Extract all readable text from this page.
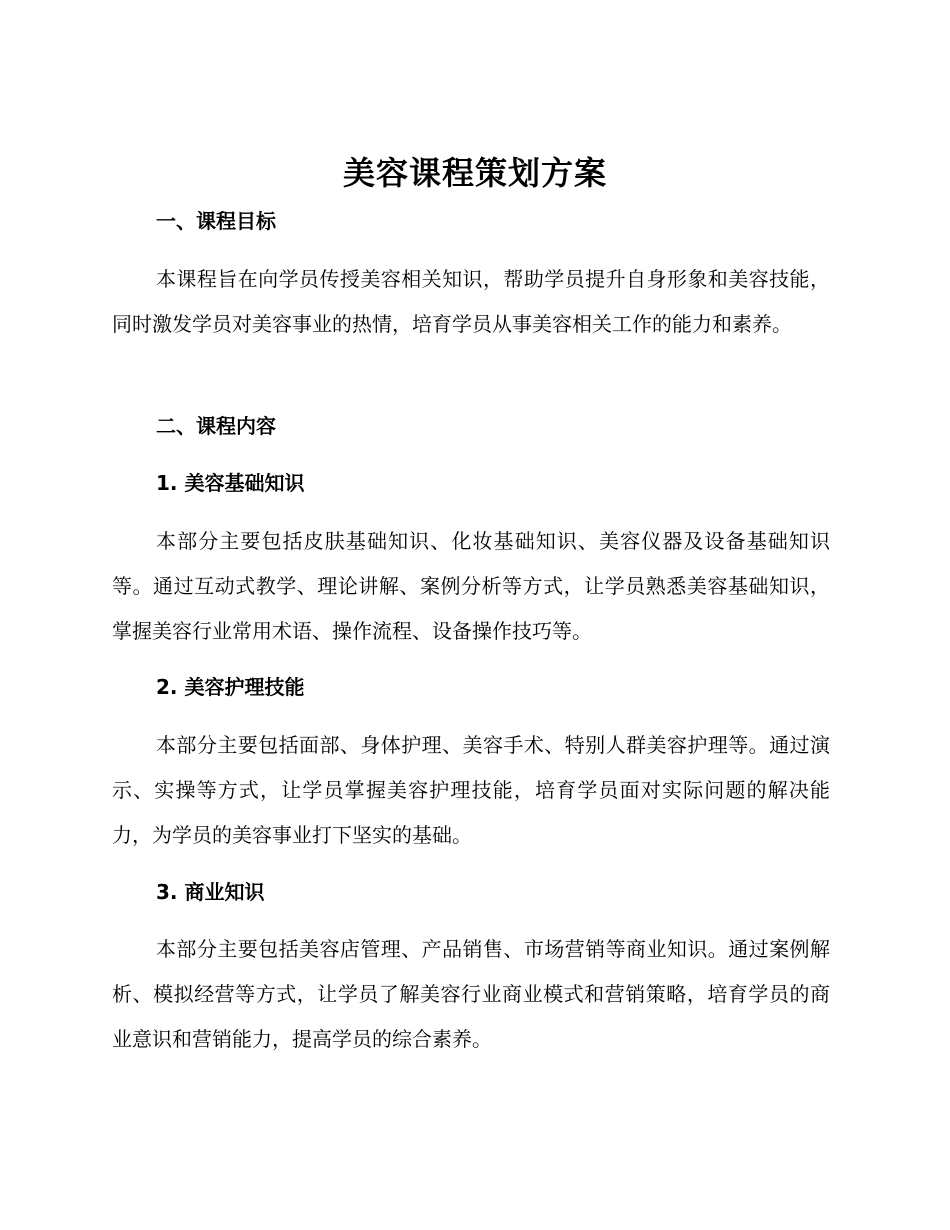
美容课程策划方案
一、课程目标
本课程旨在向学员传授美容相关知识，帮助学员提升自身形象和美容技能，同时激发学员对美容事业的热情，培育学员从事美容相关工作的能力和素养。
二、课程内容
1. 美容基础知识
本部分主要包括皮肤基础知识、化妆基础知识、美容仪器及设备基础知识等。通过互动式教学、理论讲解、案例分析等方式，让学员熟悉美容基础知识，掌握美容行业常用术语、操作流程、设备操作技巧等。
2. 美容护理技能
本部分主要包括面部、身体护理、美容手术、特别人群美容护理等。通过演示、实操等方式，让学员掌握美容护理技能，培育学员面对实际问题的解决能力，为学员的美容事业打下坚实的基础。
3. 商业知识
本部分主要包括美容店管理、产品销售、市场营销等商业知识。通过案例解析、模拟经营等方式，让学员了解美容行业商业模式和营销策略，培育学员的商业意识和营销能力，提高学员的综合素养。
